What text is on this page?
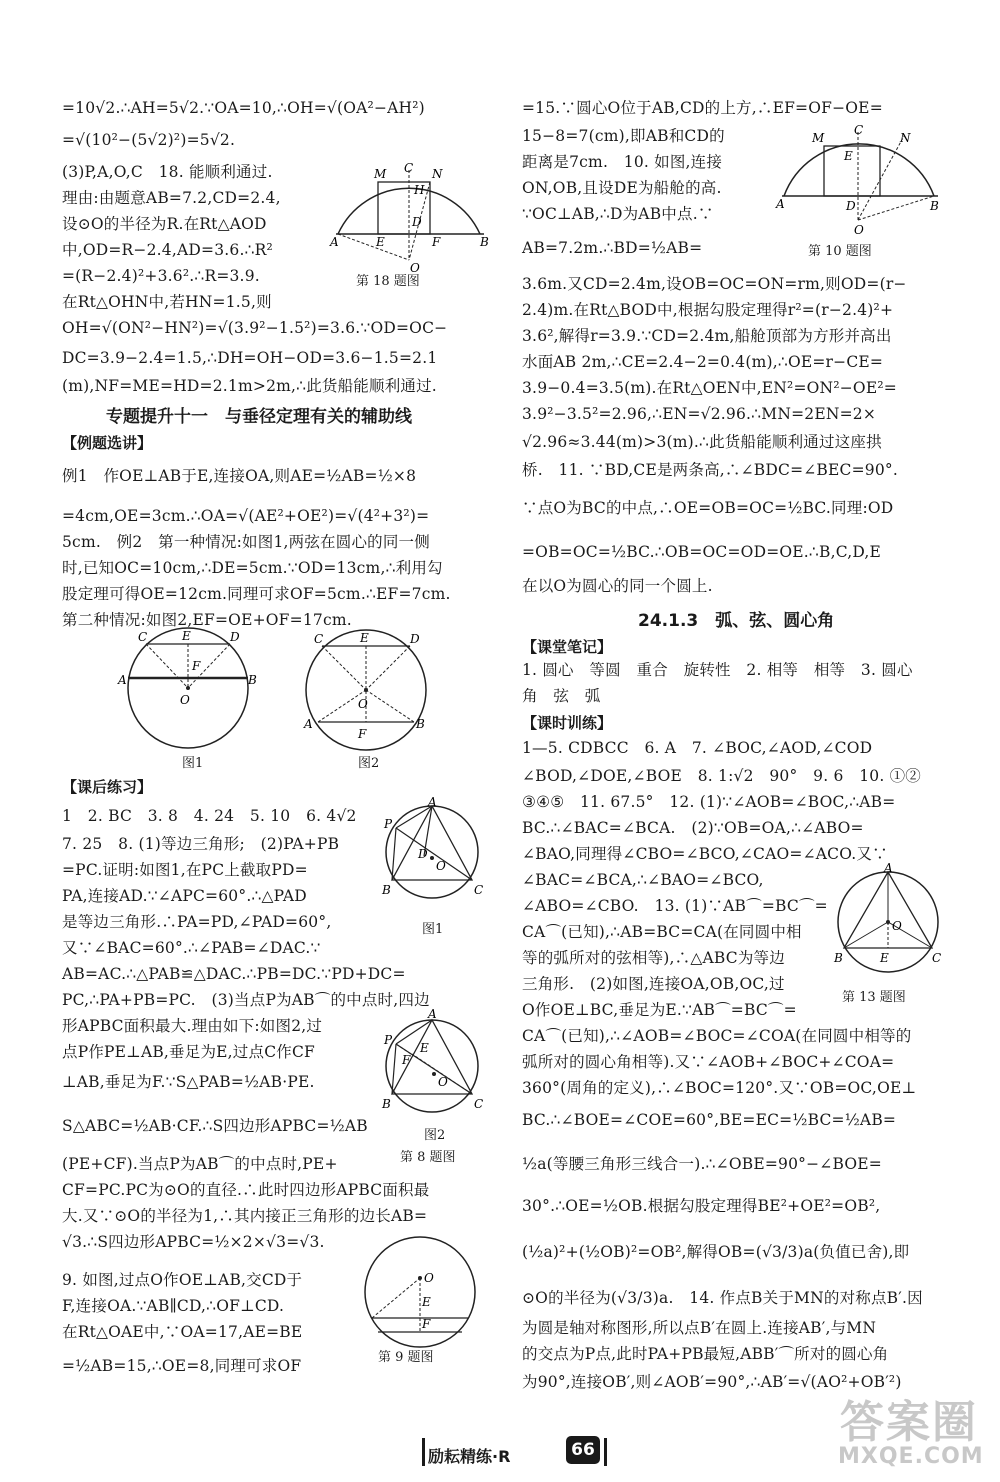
=10√2.∴AH=5√2.∵OA=10,∴OH=√(OA²−AH²)
=√(10²−(5√2)²)=5√2.
(3)P,A,O,C　18. 能顺利通过.
理由:由题意AB=7.2,CD=2.4,
设⊙O的半径为R.在Rt△AOD
中,OD=R−2.4,AD=3.6.∴R²
=(R−2.4)²+3.6².∴R=3.9.
在Rt△OHN中,若HN=1.5,则
OH=√(ON²−HN²)=√(3.9²−1.5²)=3.6.∵OD=OC−
DC=3.9−2.4=1.5,∴DH=OH−OD=3.6−1.5=2.1
(m),NF=ME=HD=2.1m>2m,∴此货船能顺利通过.
专题提升十一　与垂径定理有关的辅助线
【例题选讲】
例1　作OE⊥AB于E,连接OA,则AE=½AB=½×8
=4cm,OE=3cm.∴OA=√(AE²+OE²)=√(4²+3²)=
5cm.　例2　第一种情况:如图1,两弦在圆心的同一侧
时,已知OC=10cm,∴DE=5cm.∵OD=13cm,∴利用勾
股定理可得OE=12cm.同理可求OF=5cm.∴EF=7cm.
第二种情况:如图2,EF=OE+OF=17cm.
图1	图2
【课后练习】
1　2. BC　3. 8　4. 24　5. 10　6. 4√2
7. 25　8. (1)等边三角形;　(2)PA+PB
=PC.证明:如图1,在PC上截取PD=
PA,连接AD.∵∠APC=60°.∴△PAD
是等边三角形.∴PA=PD,∠PAD=60°,
又∵∠BAC=60°.∴∠PAB=∠DAC.∵
AB=AC.∴△PAB≌△DAC.∴PB=DC.∵PD+DC=
PC,∴PA+PB=PC.　(3)当点P为AB⌒的中点时,四边
形APBC面积最大.理由如下:如图2,过
点P作PE⊥AB,垂足为E,过点C作CF
⊥AB,垂足为F.∵S△PAB=½AB·PE.
S△ABC=½AB·CF.∴S四边形APBC=½AB
(PE+CF).当点P为AB⌒的中点时,PE+
CF=PC.PC为⊙O的直径.∴此时四边形APBC面积最
大.又∵⊙O的半径为1,∴其内接正三角形的边长AB=
√3.∴S四边形APBC=½×2×√3=√3.
9. 如图,过点O作OE⊥AB,交CD于
F,连接OA.∵AB∥CD,∴OF⊥CD.
在Rt△OAE中,∵OA=17,AE=BE
=½AB=15,∴OE=8,同理可求OF
A	B
M C N
H
D
E	F
O
第 18 题图
C	E	D
A	B
F
O
C	E	D
A	B
F
O
A
P
D
O
B	C
图1
A
P
F
E
O
B	C
图2
第 8 题图
O
E
F
第 9 题图
=15.∵圆心O位于AB,CD的上方,∴EF=OF−OE=
15−8=7(cm),即AB和CD的
距离是7cm.　10. 如图,连接
ON,OB,且设DE为船舱的高.
∵OC⊥AB,∴D为AB中点.∵
AB=7.2m.∴BD=½AB=
3.6m.又CD=2.4m,设OB=OC=ON=rm,则OD=(r−
2.4)m.在Rt△BOD中,根据勾股定理得r²=(r−2.4)²+
3.6²,解得r=3.9.∵CD=2.4m,船舱顶部为方形并高出
水面AB 2m,∴CE=2.4−2=0.4(m),∴OE=r−CE=
3.9−0.4=3.5(m).在Rt△OEN中,EN²=ON²−OE²=
3.9²−3.5²=2.96,∴EN=√2.96.∴MN=2EN=2×
√2.96≈3.44(m)>3(m).∴此货船能顺利通过这座拱
桥.　11. ∵BD,CE是两条高,∴∠BDC=∠BEC=90°.
∵点O为BC的中点,∴OE=OB=OC=½BC.同理:OD
=OB=OC=½BC.∴OB=OC=OD=OE.∴B,C,D,E
在以O为圆心的同一个圆上.
24.1.3　弧、弦、圆心角
【课堂笔记】
1. 圆心　等圆　重合　旋转性　2. 相等　相等　3. 圆心
角　弦　弧
【课时训练】
1—5. CDBCC　6. A　7. ∠BOC,∠AOD,∠COD
∠BOD,∠DOE,∠BOE　8. 1:√2　90°　9. 6　10. ①②
③④⑤　11. 67.5°　12. (1)∵∠AOB=∠BOC,∴AB=
BC.∴∠BAC=∠BCA.　(2)∵OB=OA,∴∠ABO=
∠BAO,同理得∠CBO=∠BCO,∠CAO=∠ACO.又∵
∠BAC=∠BCA,∴∠BAO=∠BCO,
∠ABO=∠CBO.　13. (1)∵AB⌒=BC⌒=
CA⌒(已知),∴AB=BC=CA(在同圆中相
等的弧所对的弦相等),∴△ABC为等边
三角形.　(2)如图,连接OA,OB,OC,过
O作OE⊥BC,垂足为E.∵AB⌒=BC⌒=
CA⌒(已知),∴∠AOB=∠BOC=∠COA(在同圆中相等的
弧所对的圆心角相等).又∵∠AOB+∠BOC+∠COA=
360°(周角的定义),∴∠BOC=120°.又∵OB=OC,OE⊥
BC.∴∠BOE=∠COE=60°,BE=EC=½BC=½AB=
½a(等腰三角形三线合一).∴∠OBE=90°−∠BOE=
30°.∴OE=½OB.根据勾股定理得BE²+OE²=OB²,
(½a)²+(½OB)²=OB²,解得OB=(√3/3)a(负值已舍),即
⊙O的半径为(√3/3)a.　14. 作点B关于MN的对称点B′.因
为圆是轴对称图形,所以点B′在圆上.连接AB′,与MN
的交点为P点,此时PA+PB最短,ABB′⌒所对的圆心角
为90°,连接OB′,则∠AOB′=90°,∴AB′=√(AO²+OB′²)
A	B
M
C
N
E
D
O
第 10 题图
A
O
E
B	C
第 13 题图
励耘精练·R	66
答案圈
MXQE.COM
